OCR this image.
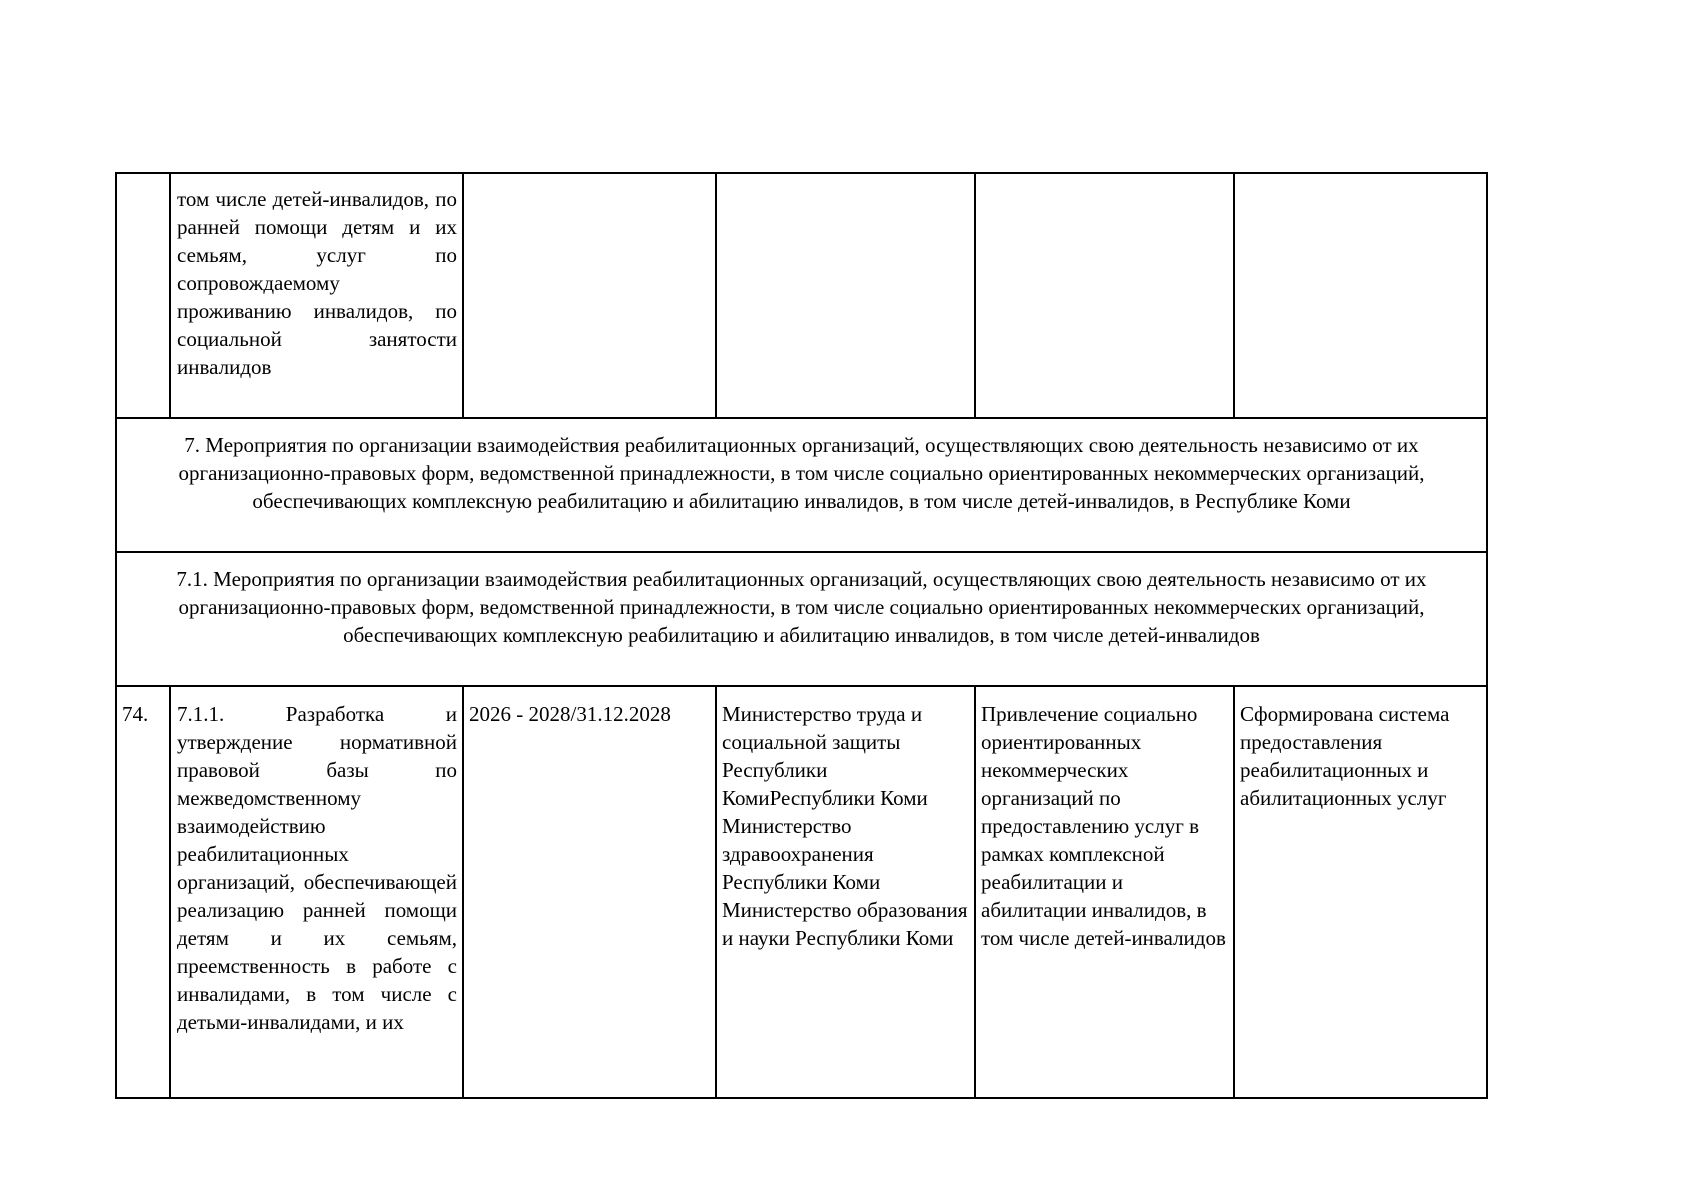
том числе детей-инвалидов, по ранней помощи детям и их семьям, услуг по сопровождаемому проживанию инвалидов, по социальной занятости инвалидов
7. Мероприятия по организации взаимодействия реабилитационных организаций, осуществляющих свою деятельность независимо от их организационно-правовых форм, ведомственной принадлежности, в том числе социально ориентированных некоммерческих организаций, обеспечивающих комплексную реабилитацию и абилитацию инвалидов, в том числе детей-инвалидов, в Республике Коми
7.1. Мероприятия по организации взаимодействия реабилитационных организаций, осуществляющих свою деятельность независимо от их организационно-правовых форм, ведомственной принадлежности, в том числе социально ориентированных некоммерческих организаций, обеспечивающих комплексную реабилитацию и абилитацию инвалидов, в том числе детей-инвалидов
74.	7.1.1. Разработка и утверждение нормативной правовой базы по межведомственному взаимодействию реабилитационных организаций, обеспечивающей реализацию ранней помощи детям и их семьям, преемственность в работе с инвалидами, в том числе с детьми-инвалидами, и их
2026 - 2028/31.12.2028	Министерство труда и социальной защиты Республики КомиРеспублики Коми
Министерство здравоохранения Республики Коми
Министерство образования и науки Республики Коми
Привлечение социально ориентированных некоммерческих организаций по предоставлению услуг в рамках комплексной реабилитации и абилитации инвалидов, в том числе детей-инвалидов
Сформирована система предоставления реабилитационных и абилитационных услуг
